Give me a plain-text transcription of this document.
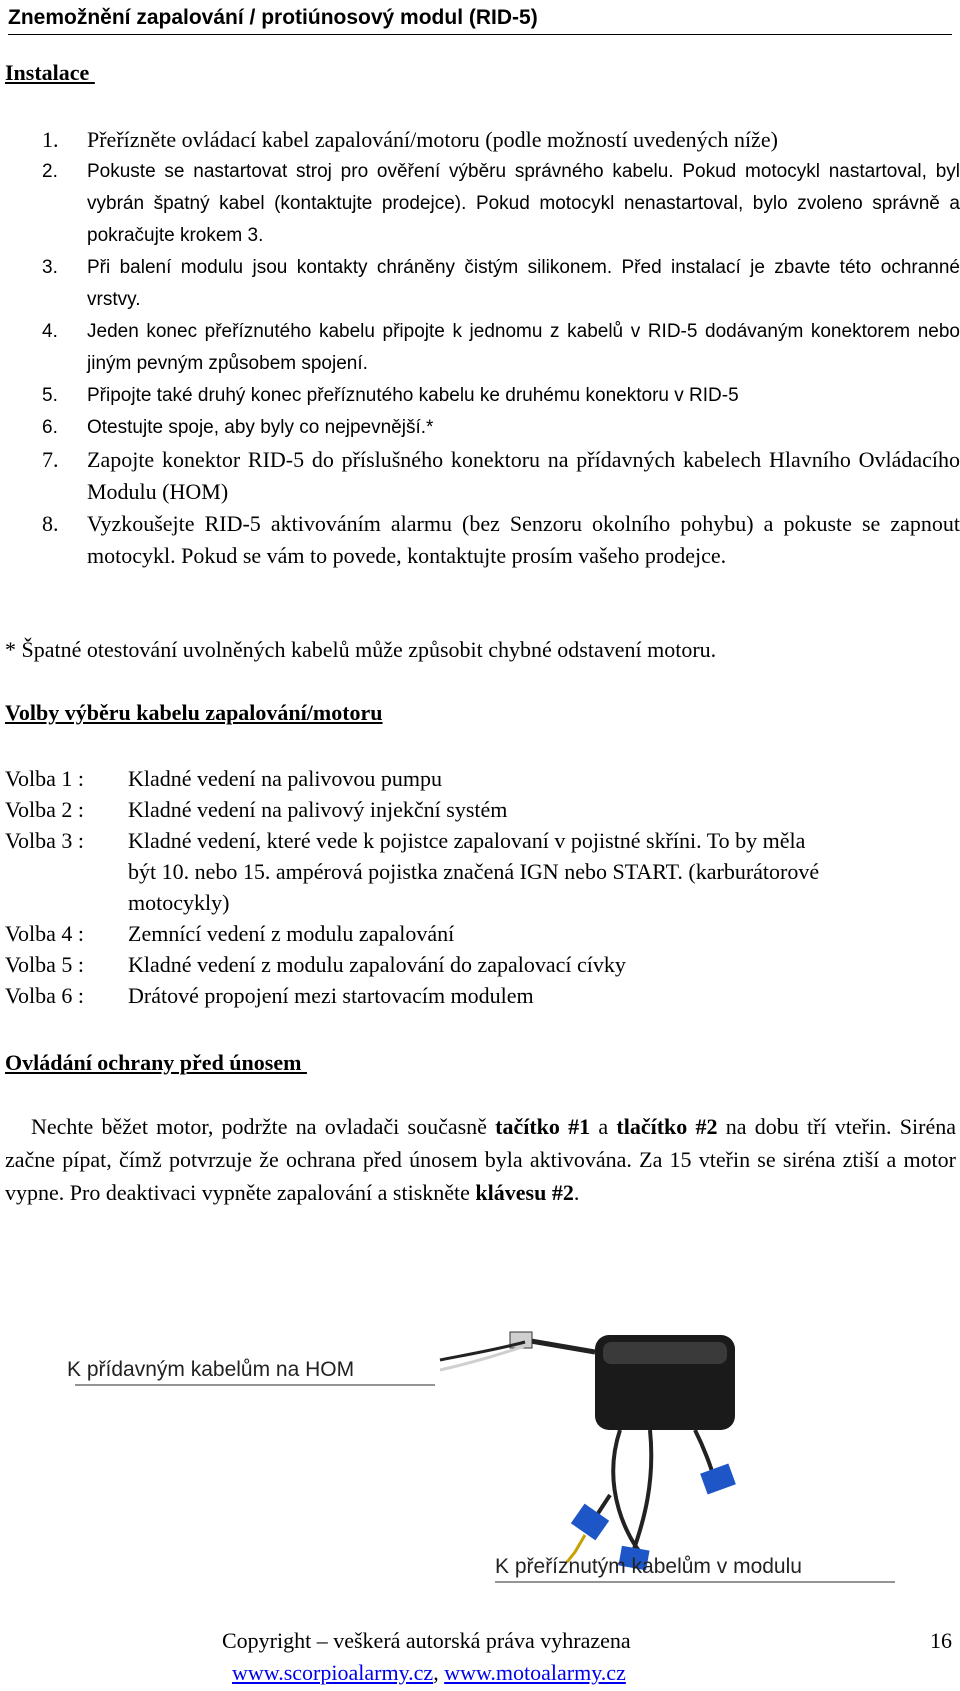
Znemožnění zapalování / protiúnosový modul (RID-5)
Instalace
1. Přeřízněte ovládací kabel zapalování/motoru (podle možností uvedených níže)
2. Pokuste se nastartovat stroj pro ověření výběru správného kabelu. Pokud motocykl nastartoval, byl vybrán špatný kabel (kontaktujte prodejce). Pokud motocykl nenastartoval, bylo zvoleno správně a pokračujte krokem 3.
3. Při balení modulu jsou kontakty chráněny čistým silikonem. Před instalací je zbavte této ochranné vrstvy.
4. Jeden konec přeříznutého kabelu připojte k jednomu z kabelů v RID-5 dodávaným konektorem nebo jiným pevným způsobem spojení.
5. Připojte také druhý konec přeříznutého kabelu ke druhému konektoru v RID-5
6. Otestujte spoje, aby byly co nejpevnější.*
7. Zapojte konektor RID-5 do příslušného konektoru na přídavných kabelech Hlavního Ovládacího Modulu (HOM)
8. Vyzkoušejte RID-5 aktivováním alarmu (bez Senzoru okolního pohybu) a pokuste se zapnout motocykl. Pokud se vám to povede, kontaktujte prosím vašeho prodejce.
* Špatné otestování uvolněných kabelů může způsobit chybné odstavení motoru.
Volby výběru kabelu zapalování/motoru
Volba 1 :	Kladné vedení na palivovou pumpu
Volba 2 :	Kladné vedení na palivový injekční systém
Volba 3 :	Kladné vedení, které vede k pojistce zapalovaní v pojistné skříni. To by měla být 10. nebo 15. ampérová pojistka značená IGN nebo START. (karburátorové motocykly)
Volba 4 :	Zemnící vedení z modulu zapalování
Volba 5 :	Kladné vedení z modulu zapalování do zapalovací cívky
Volba 6 :	Drátové propojení mezi startovacím modulem
Ovládání ochrany před únosem

Nechte běžet motor, podržte na ovladači současně tačítko #1 a tlačítko #2 na dobu tří vteřin. Siréna začne pípat, čímž potvrzuje že ochrana před únosem byla aktivována. Za 15 vteřin se siréna ztiší a motor vypne. Pro deaktivaci vypněte zapalování a stiskněte klávesu #2.

K přídavným kabelům na HOM
K přeříznutým kabelům v modulu
Copyright – veškerá autorská práva vyhrazena	16
www.scorpioalarmy.cz, www.motoalarmy.cz
